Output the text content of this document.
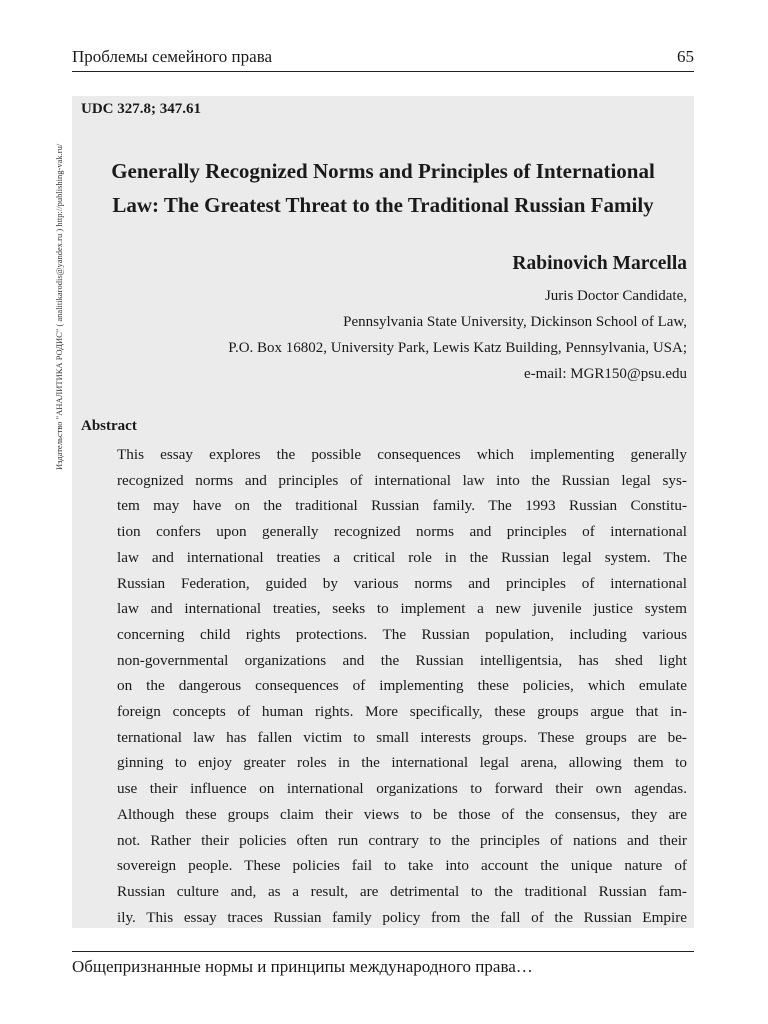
Проблемы семейного права	65
Издательство "АНАЛИТИКА РОДИС" ( analitikarodis@yandex.ru ) http://publishing-vak.ru/
UDC 327.8; 347.61
Generally Recognized Norms and Principles of International
Law: The Greatest Threat to the Traditional Russian Family
Rabinovich Marcella
Juris Doctor Candidate,
Pennsylvania State University, Dickinson School of Law,
P.O. Box 16802, University Park, Lewis Katz Building, Pennsylvania, USA;
e-mail: MGR150@psu.edu
Abstract

This essay explores the possible consequences which implementing generally

recognized norms and principles of international law into the Russian legal sys-

tem may have on the traditional Russian family. The 1993 Russian Constitu-

tion confers upon generally recognized norms and principles of international

law and international treaties a critical role in the Russian legal system. The

Russian Federation, guided by various norms and principles of international

law and international treaties, seeks to implement a new juvenile justice system

concerning child rights protections. The Russian population, including various

non-governmental organizations and the Russian intelligentsia, has shed light

on the dangerous consequences of implementing these policies, which emulate

foreign concepts of human rights. More specifically, these groups argue that in-

ternational law has fallen victim to small interests groups. These groups are be-

ginning to enjoy greater roles in the international legal arena, allowing them to

use their influence on international organizations to forward their own agendas.

Although these groups claim their views to be those of the consensus, they are

not. Rather their policies often run contrary to the principles of nations and their

sovereign people. These policies fail to take into account the unique nature of

Russian culture and, as a result, are detrimental to the traditional Russian fam-

ily. This essay traces Russian family policy from the fall of the Russian Empire

Общепризнанные нормы и принципы международного права…
